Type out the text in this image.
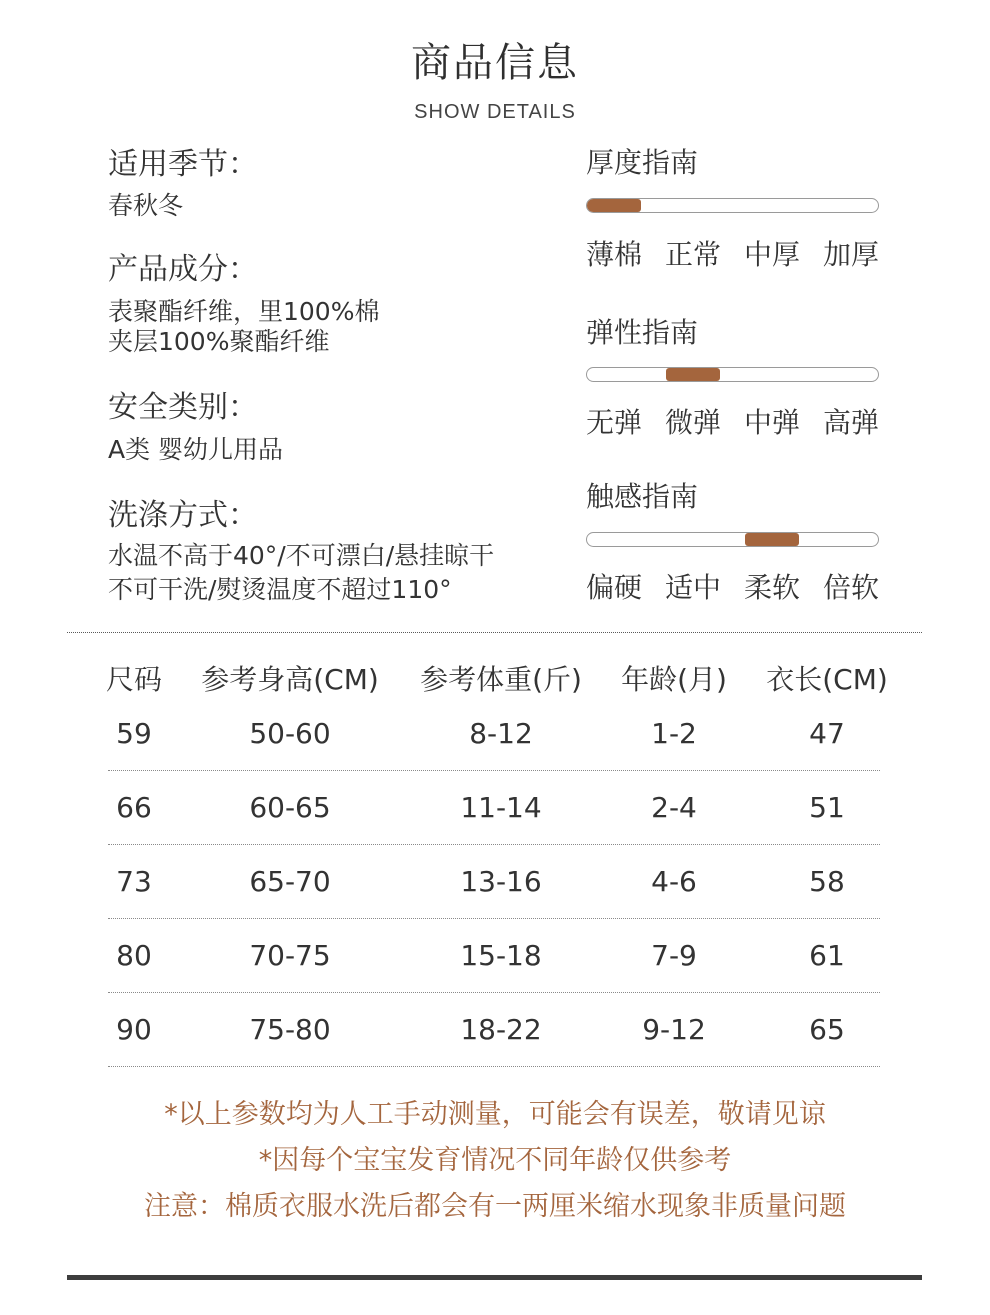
商品信息
SHOW DETAILS
适用季节：
春秋冬
产品成分：
表聚酯纤维，里100%棉
夹层100%聚酯纤维
安全类别：
A类 婴幼儿用品
洗涤方式：
水温不高于40°/不可漂白/悬挂晾干
不可干洗/熨烫温度不超过110°
厚度指南
薄棉 正常 中厚 加厚
弹性指南
无弹 微弹 中弹 高弹
触感指南
偏硬 适中 柔软 倍软
尺码	参考身高(CM)	参考体重(斤)	年龄(月)	衣长(CM)
59	50-60	8-12	1-2	47
66	60-65	11-14	2-4	51
73	65-70	13-16	4-6	58
80	70-75	15-18	7-9	61
90	75-80	18-22	9-12	65
*以上参数均为人工手动测量，可能会有误差，敬请见谅
*因每个宝宝发育情况不同年龄仅供参考
注意：棉质衣服水洗后都会有一两厘米缩水现象非质量问题
